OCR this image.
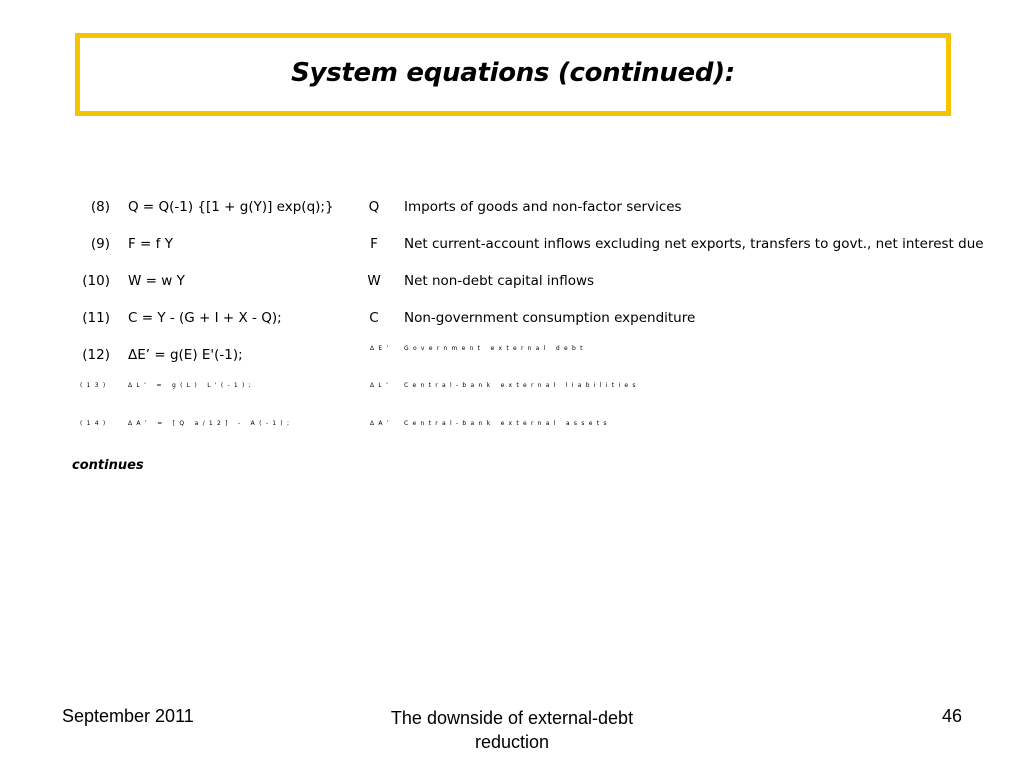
System equations (continued):
(8) Q = Q(-1) {[1 + g(Y)] exp(q);}	Q	Imports of goods and non-factor services
(9) F = f Y	F	Net current-account inflows excluding net exports, transfers to govt., net interest due
(10) W = w Y	W	Net non-debt capital inflows
(11) C = Y - (G + I + X - Q);	C	Non-government consumption expenditure
(12) ΔE’ = g(E) E'(-1);	ΔE’ Government external debt
(13)	ΔL’ = g(L) L'(-1);	ΔL’ Central-bank external liabilities
(14)	ΔA’ = [Q a/12] - A(-1);	ΔA’ Central-bank external assets
continues
September 2011	The downside of external-debt
reduction
46
